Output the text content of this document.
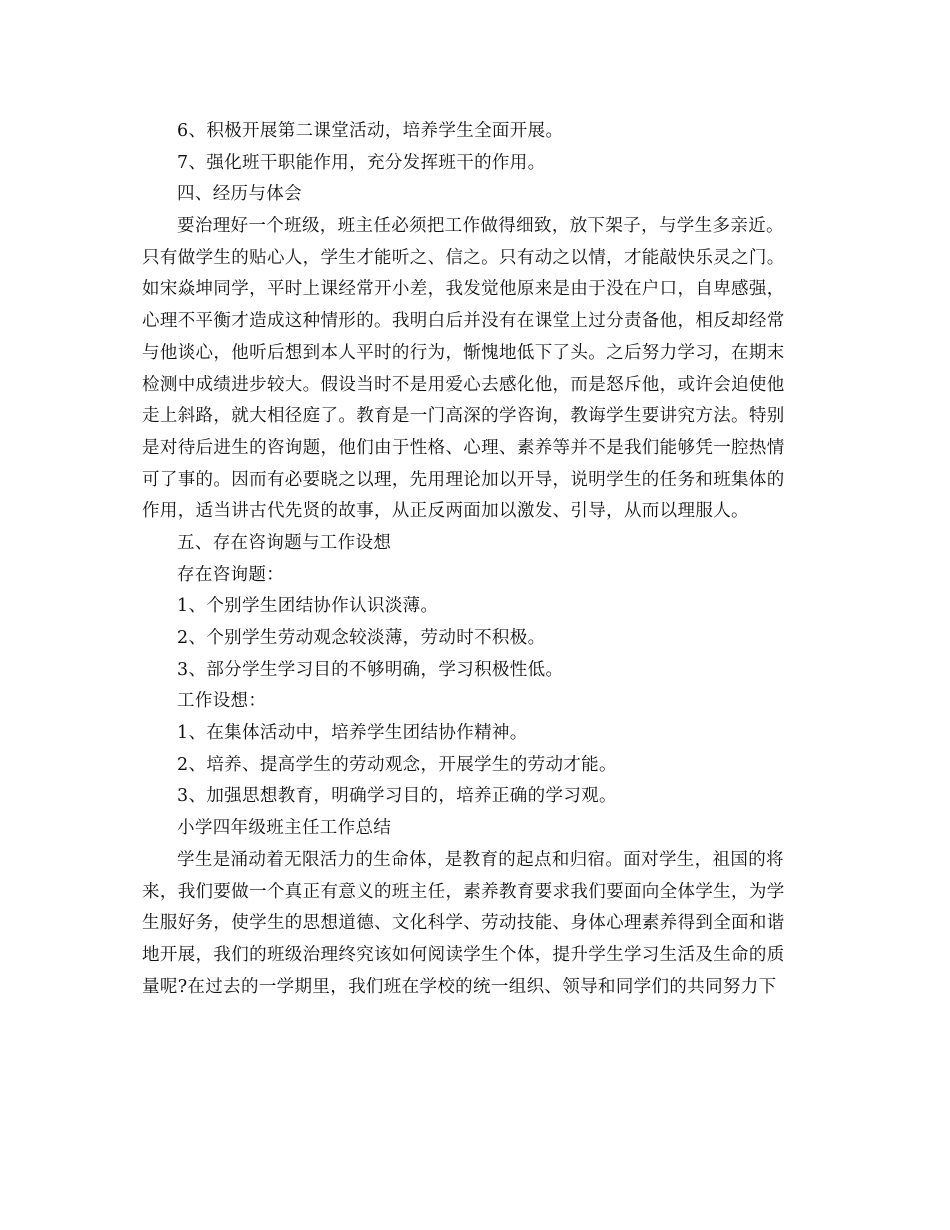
6、积极开展第二课堂活动，培养学生全面开展。
7、强化班干职能作用，充分发挥班干的作用。
四、经历与体会
要治理好一个班级，班主任必须把工作做得细致，放下架子，与学生多亲近。
只有做学生的贴心人，学生才能听之、信之。只有动之以情，才能敲快乐灵之门。
如宋焱坤同学，平时上课经常开小差，我发觉他原来是由于没在户口，自卑感强，
心理不平衡才造成这种情形的。我明白后并没有在课堂上过分责备他，相反却经常
与他谈心，他听后想到本人平时的行为，惭愧地低下了头。之后努力学习，在期末
检测中成绩进步较大。假设当时不是用爱心去感化他，而是怒斥他，或许会迫使他
走上斜路，就大相径庭了。教育是一门高深的学咨询，教诲学生要讲究方法。特别
是对待后进生的咨询题，他们由于性格、心理、素养等并不是我们能够凭一腔热情
可了事的。因而有必要晓之以理，先用理论加以开导，说明学生的任务和班集体的
作用，适当讲古代先贤的故事，从正反两面加以激发、引导，从而以理服人。
五、存在咨询题与工作设想
存在咨询题：
1、个别学生团结协作认识淡薄。
2、个别学生劳动观念较淡薄，劳动时不积极。
3、部分学生学习目的不够明确，学习积极性低。
工作设想：
1、在集体活动中，培养学生团结协作精神。
2、培养、提高学生的劳动观念，开展学生的劳动才能。
3、加强思想教育，明确学习目的，培养正确的学习观。
小学四年级班主任工作总结
学生是涌动着无限活力的生命体，是教育的起点和归宿。面对学生，祖国的将
来，我们要做一个真正有意义的班主任，素养教育要求我们要面向全体学生，为学
生服好务，使学生的思想道德、文化科学、劳动技能、身体心理素养得到全面和谐
地开展，我们的班级治理终究该如何阅读学生个体，提升学生学习生活及生命的质
量呢?在过去的一学期里，我们班在学校的统一组织、领导和同学们的共同努力下
